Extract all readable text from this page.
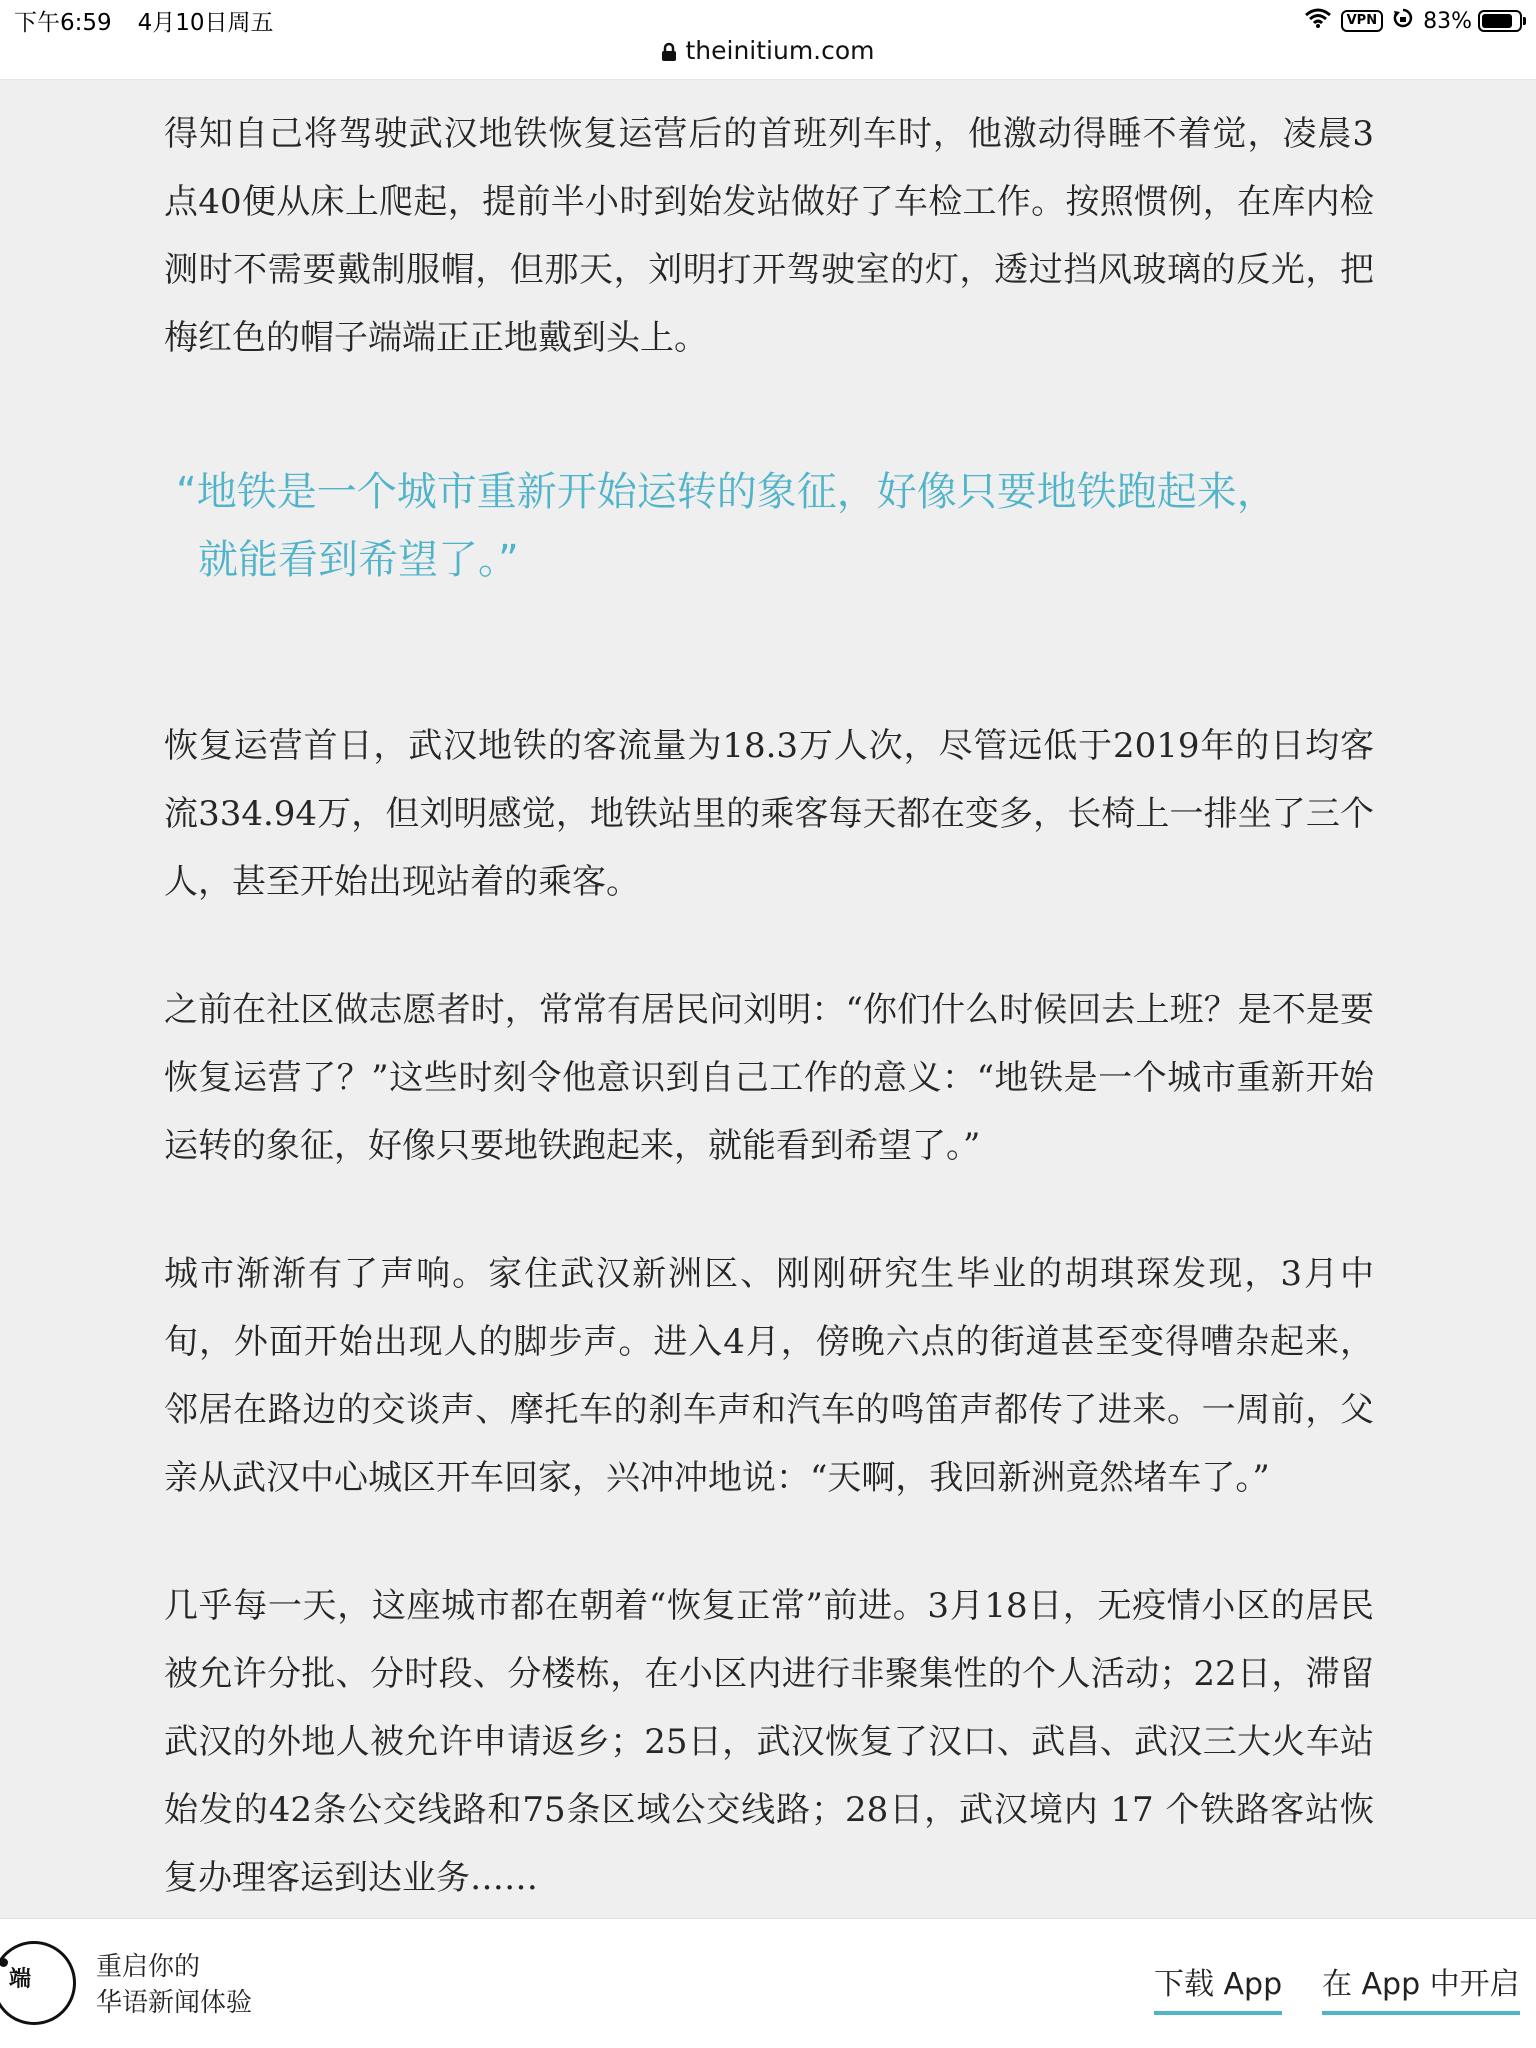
下午6:59 4月10日周五	VPN 83%
theinitium.com

得知自己将驾驶武汉地铁恢复运营后的首班列车时，他激动得睡不着觉，凌晨3点40便从床上爬起，提前半小时到始发站做好了车检工作。按照惯例，在库内检测时不需要戴制服帽，但那天，刘明打开驾驶室的灯，透过挡风玻璃的反光，把梅红色的帽子端端正正地戴到头上。

“地铁是一个城市重新开始运转的象征，好像只要地铁跑起来，

就能看到希望了。”

恢复运营首日，武汉地铁的客流量为18.3万人次，尽管远低于2019年的日均客流334.94万，但刘明感觉，地铁站里的乘客每天都在变多，长椅上一排坐了三个人，甚至开始出现站着的乘客。

之前在社区做志愿者时，常常有居民问刘明：“你们什么时候回去上班？是不是要恢复运营了？”这些时刻令他意识到自己工作的意义：“地铁是一个城市重新开始运转的象征，好像只要地铁跑起来，就能看到希望了。”

城市渐渐有了声响。家住武汉新洲区、刚刚研究生毕业的胡琪琛发现，3月中旬，外面开始出现人的脚步声。进入4月，傍晚六点的街道甚至变得嘈杂起来，邻居在路边的交谈声、摩托车的刹车声和汽车的鸣笛声都传了进来。一周前，父亲从武汉中心城区开车回家，兴冲冲地说：“天啊，我回新洲竟然堵车了。”

几乎每一天，这座城市都在朝着“恢复正常”前进。3月18日，无疫情小区的居民被允许分批、分时段、分楼栋，在小区内进行非聚集性的个人活动；22日，滞留武汉的外地人被允许申请返乡；25日，武汉恢复了汉口、武昌、武汉三大火车站始发的42条公交线路和75条区域公交线路；28日，武汉境内 17 个铁路客站恢复办理客运到达业务……

端	重启你的
华语新闻体验
下载 App 在 App 中开启
